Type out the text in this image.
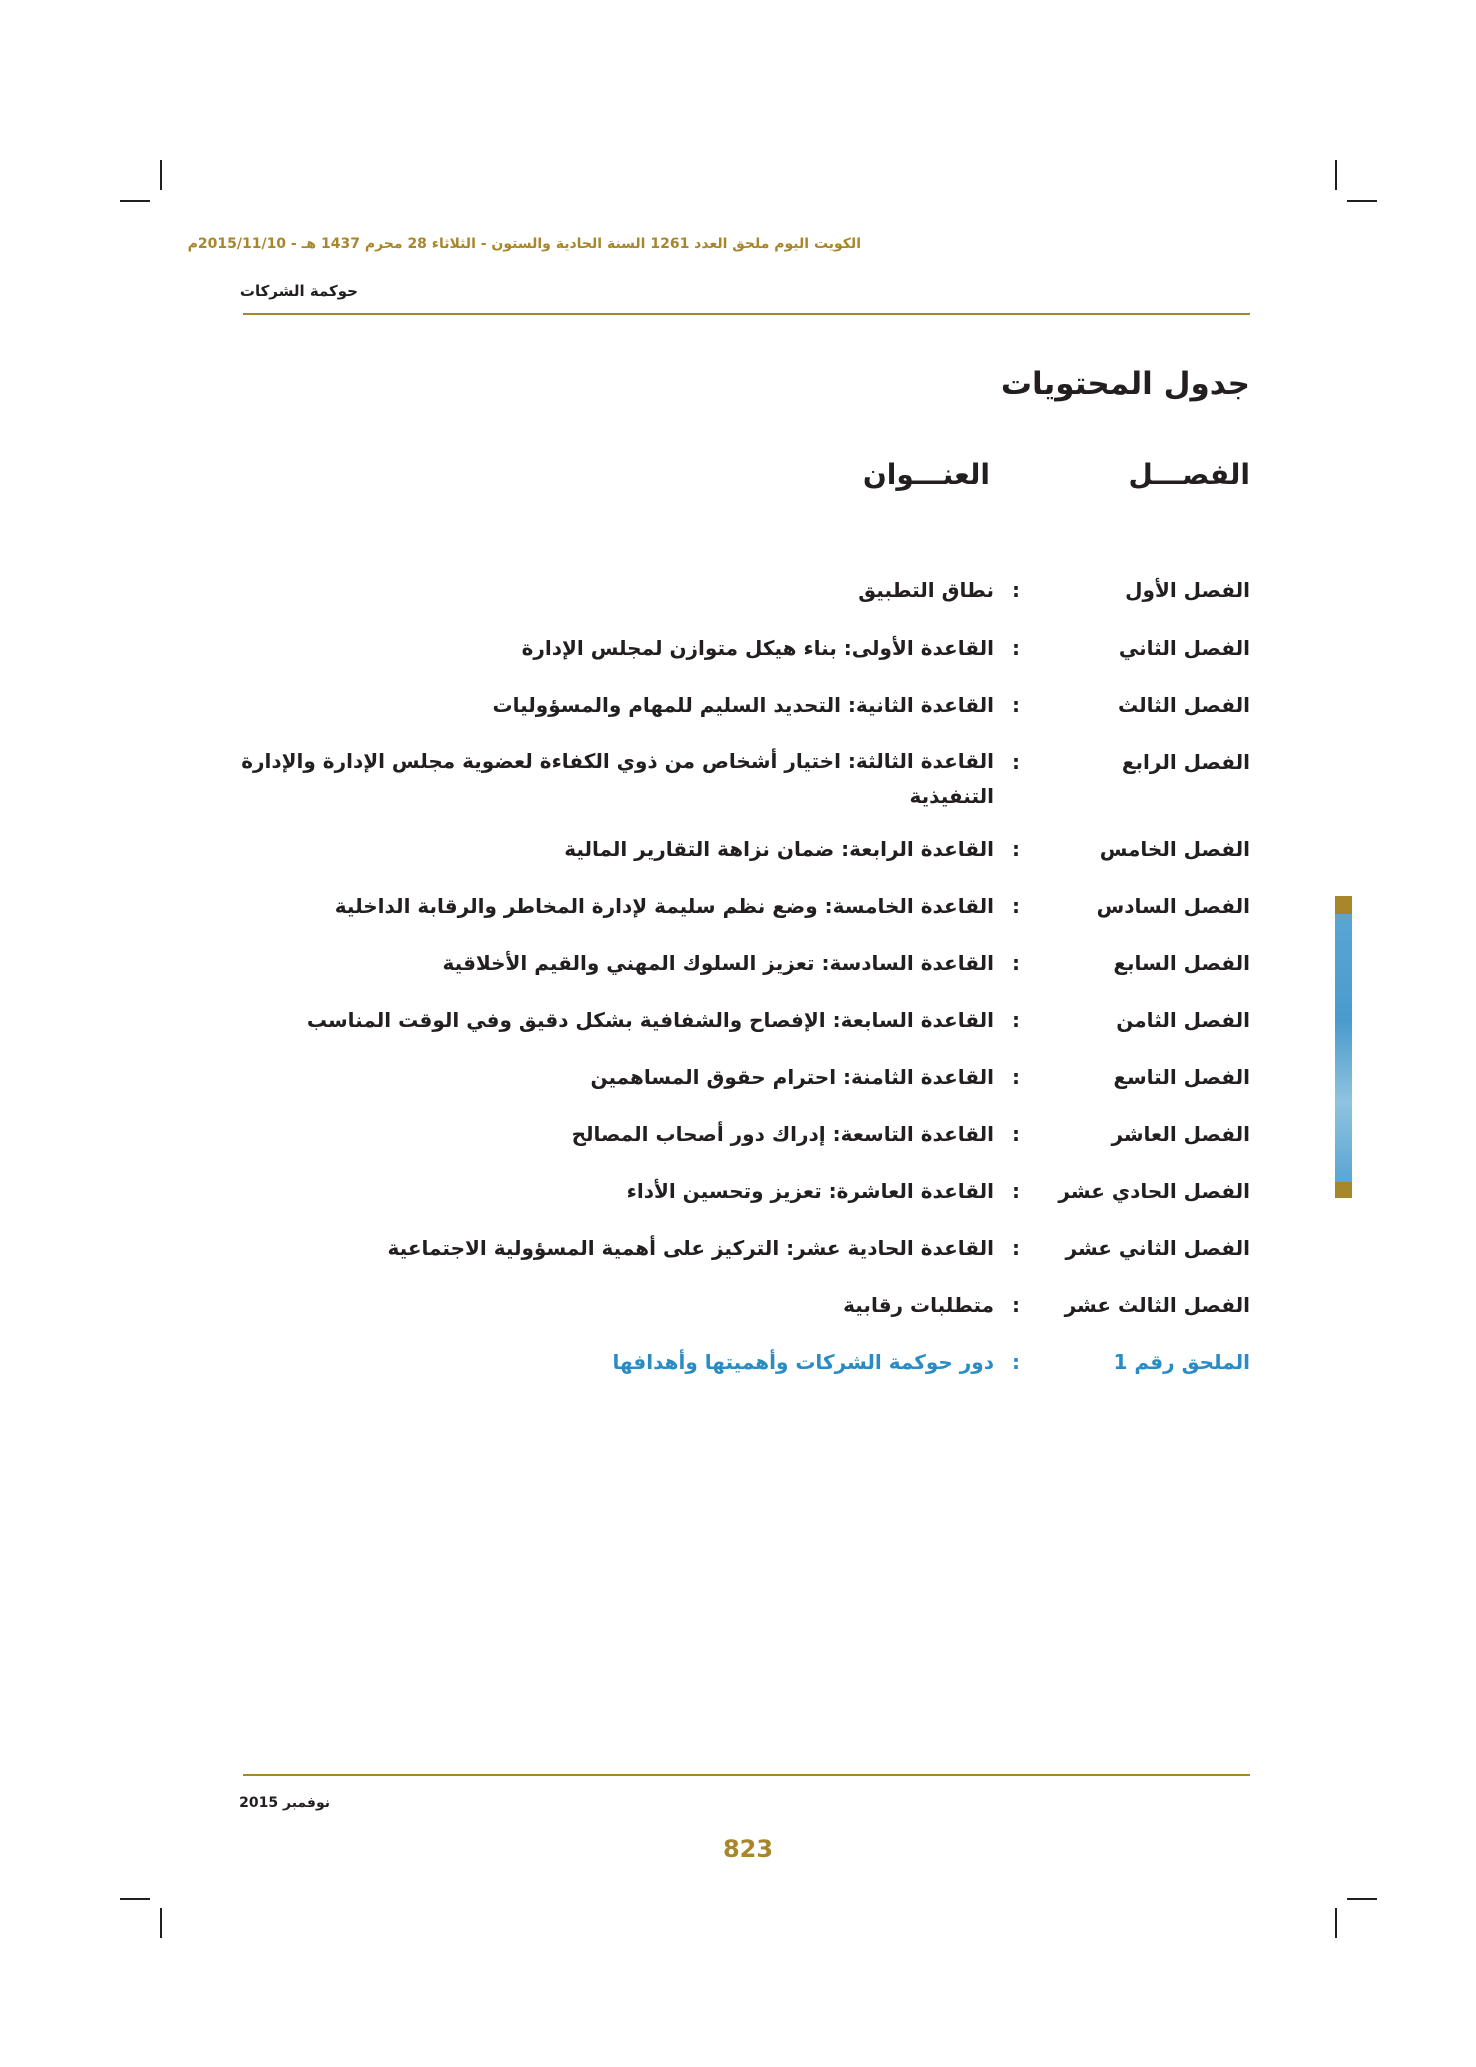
الكويت اليوم ملحق العدد 1261 السنة الحادية والستون - الثلاثاء 28 محرم 1437 هـ - 2015/11/10م
حوكمة الشركات
جدول المحتويات
الفصـــل
العنـــوان
الفصل الأول
:
نطاق التطبيق
الفصل الثاني
:
القاعدة الأولى: بناء هيكل متوازن لمجلس الإدارة
الفصل الثالث
:
القاعدة الثانية: التحديد السليم للمهام والمسؤوليات
الفصل الرابع
:
القاعدة الثالثة: اختيار أشخاص من ذوي الكفاءة لعضوية مجلس الإدارة والإدارة التنفيذية
الفصل الخامس
:
القاعدة الرابعة: ضمان نزاهة التقارير المالية
الفصل السادس
:
القاعدة الخامسة: وضع نظم سليمة لإدارة المخاطر والرقابة الداخلية
الفصل السابع
:
القاعدة السادسة: تعزيز السلوك المهني والقيم الأخلاقية
الفصل الثامن
:
القاعدة السابعة: الإفصاح والشفافية بشكل دقيق وفي الوقت المناسب
الفصل التاسع
:
القاعدة الثامنة: احترام حقوق المساهمين
الفصل العاشر
:
القاعدة التاسعة: إدراك دور أصحاب المصالح
الفصل الحادي عشر
:
القاعدة العاشرة: تعزيز وتحسين الأداء
الفصل الثاني عشر
:
القاعدة الحادية عشر: التركيز على أهمية المسؤولية الاجتماعية
الفصل الثالث عشر
:
متطلبات رقابية
الملحق رقم 1
:
دور حوكمة الشركات وأهميتها وأهدافها
نوفمبر 2015
823
